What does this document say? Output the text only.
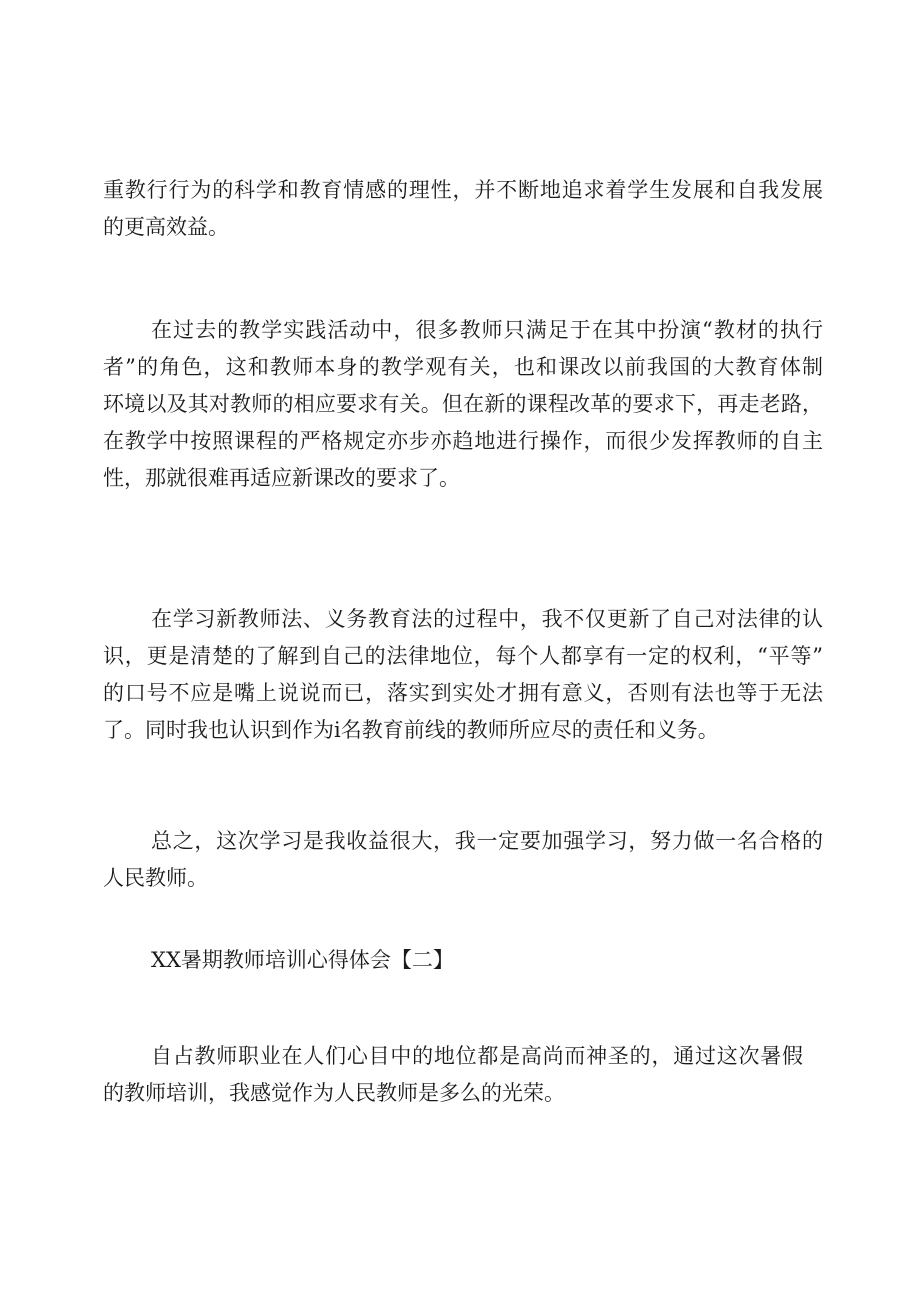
重教行行为的科学和教育情感的理性，并不断地追求着学生发展和自我发展
的更高效益。
在过去的教学实践活动中，很多教师只满足于在其中扮演“教材的执行
者”的角色，这和教师本身的教学观有关，也和课改以前我国的大教育体制
环境以及其对教师的相应要求有关。但在新的课程改革的要求下，再走老路，
在教学中按照课程的严格规定亦步亦趋地进行操作，而很少发挥教师的自主
性，那就很难再适应新课改的要求了。
在学习新教师法、义务教育法的过程中，我不仅更新了自己对法律的认
识，更是清楚的了解到自己的法律地位，每个人都享有一定的权利，“平等”
的口号不应是嘴上说说而已，落实到实处才拥有意义，否则有法也等于无法
了。同时我也认识到作为i名教育前线的教师所应尽的责任和义务。
总之，这次学习是我收益很大，我一定要加强学习，努力做一名合格的
人民教师。
XX暑期教师培训心得体会【二】
自占教师职业在人们心目中的地位都是高尚而神圣的，通过这次暑假
的教师培训，我感觉作为人民教师是多么的光荣。
